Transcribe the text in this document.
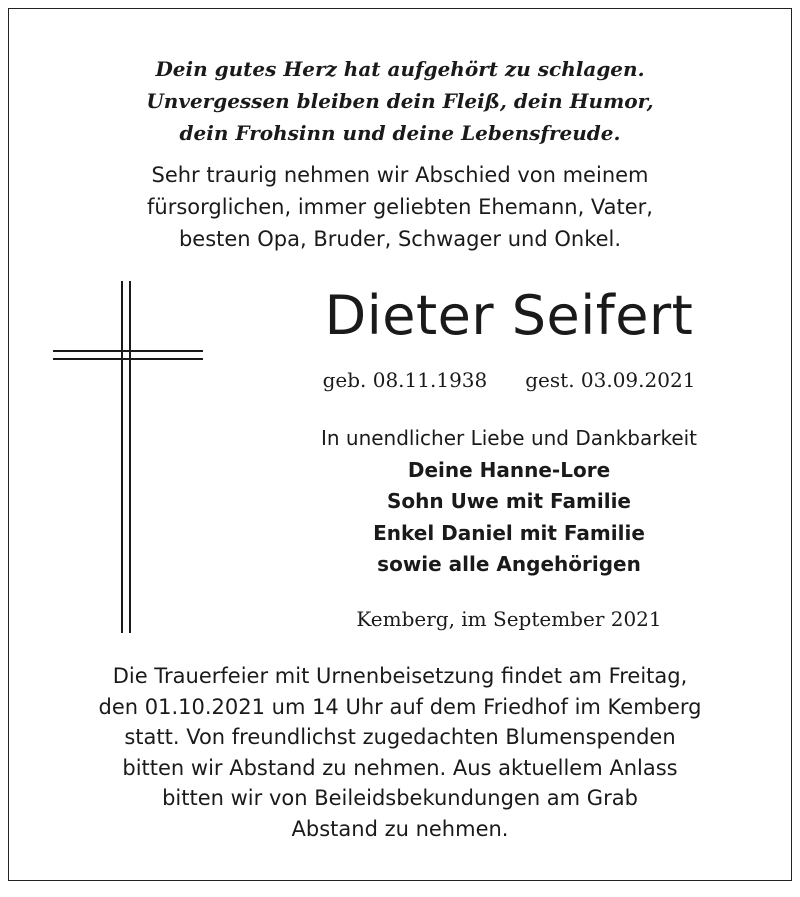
Dein gutes Herz hat aufgehört zu schlagen.
Unvergessen bleiben dein Fleiß, dein Humor,
dein Frohsinn und deine Lebensfreude.
Sehr traurig nehmen wir Abschied von meinem
fürsorglichen, immer geliebten Ehemann, Vater,
besten Opa, Bruder, Schwager und Onkel.
Dieter Seifert
geb. 08.11.1938 gest. 03.09.2021
In unendlicher Liebe und Dankbarkeit
Deine Hanne-Lore
Sohn Uwe mit Familie
Enkel Daniel mit Familie
sowie alle Angehörigen
Kemberg, im September 2021
Die Trauerfeier mit Urnenbeisetzung findet am Freitag,
den 01.10.2021 um 14 Uhr auf dem Friedhof im Kemberg
statt. Von freundlichst zugedachten Blumenspenden
bitten wir Abstand zu nehmen. Aus aktuellem Anlass
bitten wir von Beileidsbekundungen am Grab
Abstand zu nehmen.
